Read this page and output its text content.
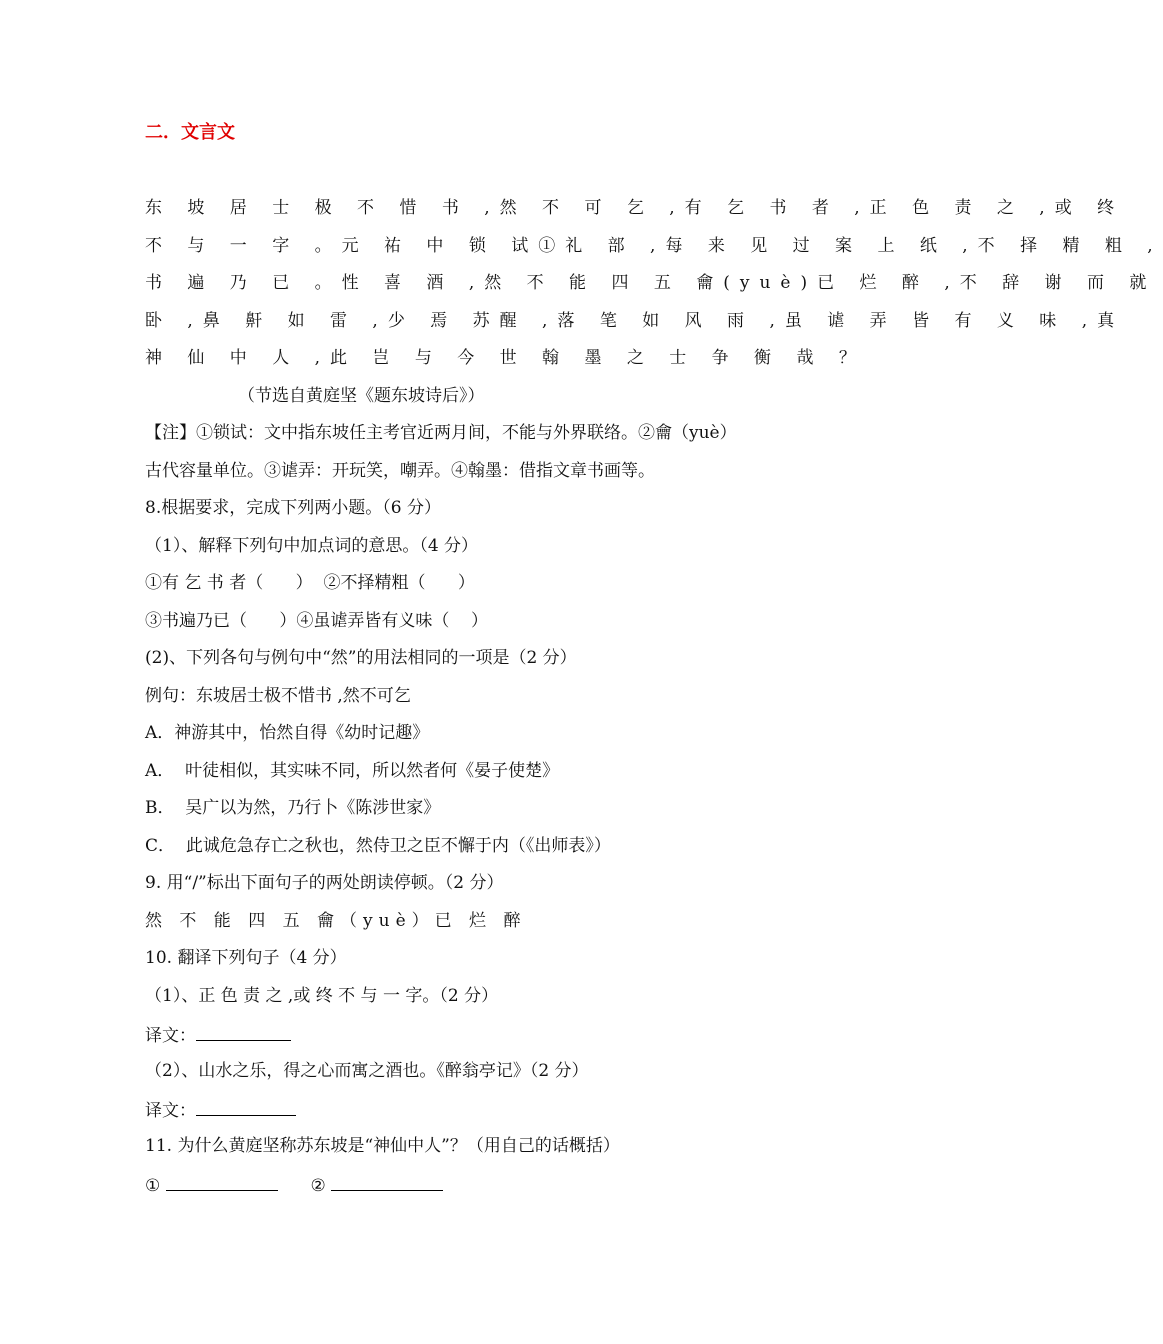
二．文言文
东 坡 居 士 极 不 惜 书 ,然 不 可 乞 ,有 乞 书 者 ,正 色 责 之 ,或 终
不 与 一 字 。元 祐 中 锁 试①礼 部 ,每 来 见 过 案 上 纸 ,不 择 精 粗 ,
书 遍 乃 已 。性 喜 酒 ,然 不 能 四 五 龠(yuè)已 烂 醉 ,不 辞 谢 而 就
卧 ,鼻 鼾 如 雷 ,少 焉 苏醒 ,落 笔 如 风 雨 ,虽 谑 弄 皆 有 义 味 ,真
神 仙 中 人 ,此 岂 与 今 世 翰 墨 之 士 争 衡 哉 ？
（节选自黄庭坚《题东坡诗后》）
【注】①锁试：文中指东坡任主考官近两月间，不能与外界联络。②龠（yuè）
古代容量单位。③谑弄：开玩笑，嘲弄。④翰墨：借指文章书画等。
8.根据要求，完成下列两小题。（6 分）
（1）、解释下列句中加点词的意思。（4 分）
①有 乞 书 者（      ）  ②不择精粗（      ）
③书遍乃已（      ）④虽谑弄皆有义味（    ）
(2)、下列各句与例句中“然”的用法相同的一项是（2 分）
例句：东坡居士极不惜书 ,然不可乞
A．神游其中，怡然自得《幼时记趣》
A．  叶徒相似，其实味不同，所以然者何《晏子使楚》
B．  吴广以为然，乃行卜《陈涉世家》
C．  此诚危急存亡之秋也，然侍卫之臣不懈于内（《出师表》）
9. 用“/”标出下面句子的两处朗读停顿。（2 分）
然 不 能 四 五 龠（yuè）已 烂 醉
10. 翻译下列句子（4 分）
（1）、正 色 责 之 ,或 终 不 与 一 字。（2 分）
译文：
（2）、山水之乐，得之心而寓之酒也。《醉翁亭记》（2 分）
译文：
11. 为什么黄庭坚称苏东坡是“神仙中人”？（用自己的话概括）
①	②
